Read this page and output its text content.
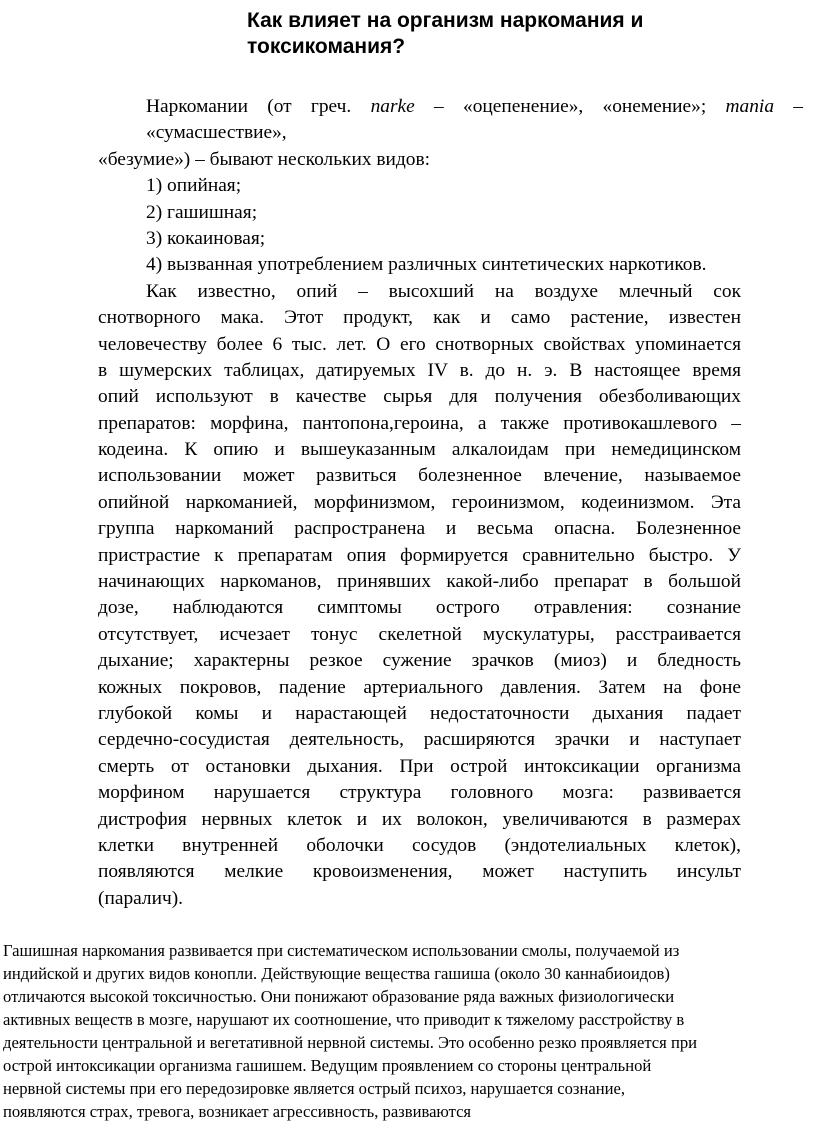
Как влияет на организм наркомания и
токсикомания?
Наркомании (от греч. narke – «оцепенение», «онемение»; mania –
«сумасшествие»,
«безумие») – бывают нескольких видов:
1) опийная;
2) гашишная;
3) кокаиновая;
4) вызванная употреблением различных синтетических наркотиков.
Как известно, опий – высохший на воздухе млечный сок
снотворного мака. Этот продукт, как и само растение, известен
человечеству более 6 тыс. лет. О его снотворных свойствах упоминается
в шумерских таблицах, датируемых IV в. до н. э. В настоящее время
опий используют в качестве сырья для получения обезболивающих
препаратов: морфина, пантопона,героина, а также противокашлевого –
кодеина. К опию и вышеуказанным алкалоидам при немедицинском
использовании может развиться болезненное влечение, называемое
опийной наркоманией, морфинизмом, героинизмом, кодеинизмом. Эта
группа наркоманий распространена и весьма опасна. Болезненное
пристрастие к препаратам опия формируется сравнительно быстро. У
начинающих наркоманов, принявших какой-либо препарат в большой
дозе, наблюдаются симптомы острого отравления: сознание
отсутствует, исчезает тонус скелетной мускулатуры, расстраивается
дыхание; характерны резкое сужение зрачков (миоз) и бледность
кожных покровов, падение артериального давления. Затем на фоне
глубокой комы и нарастающей недостаточности дыхания падает
сердечно-сосудистая деятельность, расширяются зрачки и наступает
смерть от остановки дыхания. При острой интоксикации организма
морфином нарушается структура головного мозга: развивается
дистрофия нервных клеток и их волокон, увеличиваются в размерах
клетки внутренней оболочки сосудов (эндотелиальных клеток),
появляются мелкие кровоизменения, может наступить инсульт
(паралич).
Гашишная наркомания развивается при систематическом использовании смолы, получаемой из
индийской и других видов конопли. Действующие вещества гашиша (около 30 каннабиоидов)
отличаются высокой токсичностью. Они понижают образование ряда важных физиологически
активных веществ в мозге, нарушают их соотношение, что приводит к тяжелому расстройству в
деятельности центральной и вегетативной нервной системы. Это особенно резко проявляется при
острой интоксикации организма гашишем. Ведущим проявлением со стороны центральной
нервной системы при его передозировке является острый психоз, нарушается сознание,
появляются страх, тревога, возникает агрессивность, развиваются
